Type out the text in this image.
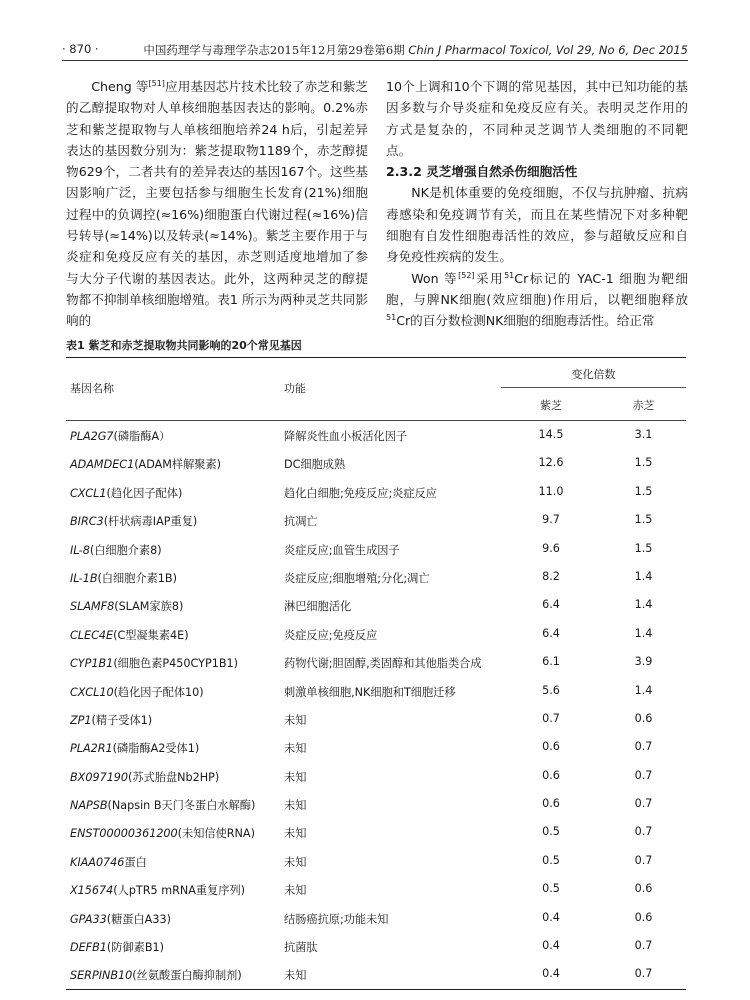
· 870 ·	中国药理学与毒理学杂志2015年12月第29卷第6期 Chin J Pharmacol Toxicol, Vol 29, No 6, Dec 2015

Cheng 等[51]应用基因芯片技术比较了赤芝和紫芝的乙醇提取物对人单核细胞基因表达的影响。0.2%赤芝和紫芝提取物与人单核细胞培养24 h后，引起差异表达的基因数分别为：紫芝提取物1189个，赤芝醇提物629个，二者共有的差异表达的基因167个。这些基因影响广泛，主要包括参与细胞生长发育(21%)细胞过程中的负调控(≈16%)细胞蛋白代谢过程(≈16%)信号转导(≈14%)以及转录(≈14%)。紫芝主要作用于与炎症和免疫反应有关的基因，赤芝则适度地增加了参与大分子代谢的基因表达。此外，这两种灵芝的醇提物都不抑制单核细胞增殖。表1 所示为两种灵芝共同影响的

10个上调和10个下调的常见基因，其中已知功能的基因多数与介导炎症和免疫反应有关。表明灵芝作用的方式是复杂的，不同种灵芝调节人类细胞的不同靶点。

2.3.2 灵芝增强自然杀伤细胞活性

NK是机体重要的免疫细胞，不仅与抗肿瘤、抗病毒感染和免疫调节有关，而且在某些情况下对多种靶细胞有自发性细胞毒活性的效应，参与超敏反应和自身免疫性疾病的发生。

Won 等[52]采用$^{51}$Cr标记的 YAC-1 细胞为靶细胞，与脾NK细胞(效应细胞)作用后，以靶细胞释放$^{51}$Cr的百分数检测NK细胞的细胞毒活性。给正常

表1 紫芝和赤芝提取物共同影响的20个常见基因
基因名称	功能
变化倍数
紫芝	赤芝
PLA2G7(磷脂酶A）	降解炎性血小板活化因子	14.5	3.1
ADAMDEC1(ADAM样解聚素)	DC细胞成熟	12.6	1.5
CXCL1(趋化因子配体)	趋化白细胞;免疫反应;炎症反应	11.0	1.5
BIRC3(杆状病毒IAP重复)	抗凋亡	9.7	1.5
IL-8(白细胞介素8)	炎症反应;血管生成因子	9.6	1.5
IL-1B(白细胞介素1B)	炎症反应;细胞增殖;分化;凋亡	8.2	1.4
SLAMF8(SLAM家族8)	淋巴细胞活化	6.4	1.4
CLEC4E(C型凝集素4E)	炎症反应;免疫反应	6.4	1.4
CYP1B1(细胞色素P450CYP1B1)	药物代谢;胆固醇,类固醇和其他脂类合成	6.1	3.9
CXCL10(趋化因子配体10)	刺激单核细胞,NK细胞和T细胞迁移	5.6	1.4
ZP1(精子受体1)	未知	0.7	0.6
PLA2R1(磷脂酶A2受体1)	未知	0.6	0.7
BX097190(苏式胎盘Nb2HP)	未知	0.6	0.7
NAPSB(Napsin B天门冬蛋白水解酶)	未知	0.6	0.7
ENST00000361200(未知信使RNA)	未知	0.5	0.7
KIAA0746蛋白	未知	0.5	0.7
X15674(人pTR5 mRNA重复序列)	未知	0.5	0.6
GPA33(糖蛋白A33)	结肠癌抗原;功能未知	0.4	0.6
DEFB1(防御素B1)	抗菌肽	0.4	0.7
SERPINB10(丝氨酸蛋白酶抑制剂)	未知	0.4	0.7
